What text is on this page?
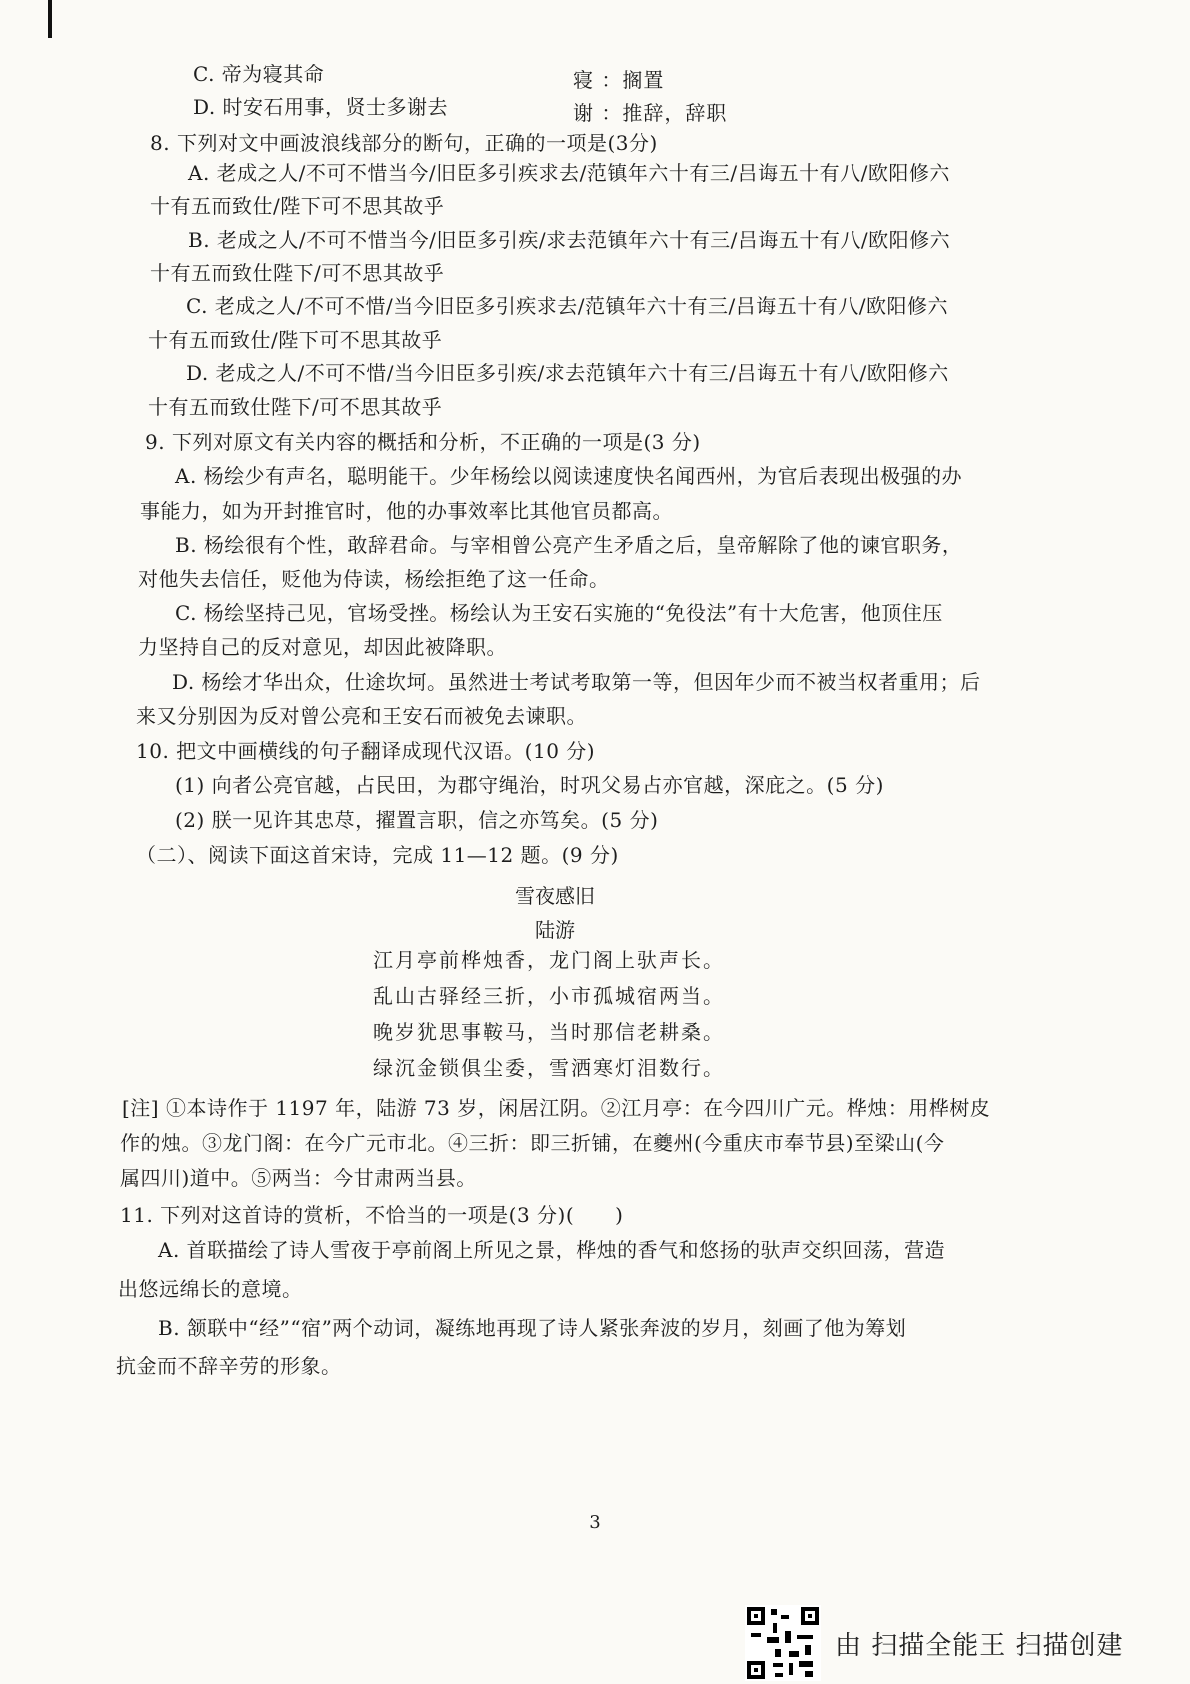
C. 帝为寝其命	寝 ：搁置
D. 时安石用事，贤士多谢去	谢 ：推辞，辞职
8. 下列对文中画波浪线部分的断句，正确的一项是(3分)
A. 老成之人/不可不惜当今/旧臣多引疾求去/范镇年六十有三/吕诲五十有八/欧阳修六
十有五而致仕/陛下可不思其故乎
B. 老成之人/不可不惜当今/旧臣多引疾/求去范镇年六十有三/吕诲五十有八/欧阳修六
十有五而致仕陛下/可不思其故乎
C. 老成之人/不可不惜/当今旧臣多引疾求去/范镇年六十有三/吕诲五十有八/欧阳修六
十有五而致仕/陛下可不思其故乎
D. 老成之人/不可不惜/当今旧臣多引疾/求去范镇年六十有三/吕诲五十有八/欧阳修六
十有五而致仕陛下/可不思其故乎
9. 下列对原文有关内容的概括和分析，不正确的一项是(3 分)
A. 杨绘少有声名，聪明能干。少年杨绘以阅读速度快名闻西州，为官后表现出极强的办
事能力，如为开封推官时，他的办事效率比其他官员都高。
B. 杨绘很有个性，敢辞君命。与宰相曾公亮产生矛盾之后，皇帝解除了他的谏官职务，
对他失去信任，贬他为侍读，杨绘拒绝了这一任命。
C. 杨绘坚持己见，官场受挫。杨绘认为王安石实施的“免役法”有十大危害，他顶住压
力坚持自己的反对意见，却因此被降职。
D. 杨绘才华出众，仕途坎坷。虽然进士考试考取第一等，但因年少而不被当权者重用；后
来又分别因为反对曾公亮和王安石而被免去谏职。
10. 把文中画横线的句子翻译成现代汉语。(10 分)
(1) 向者公亮官越，占民田，为郡守绳治，时巩父易占亦官越，深庇之。(5 分)
(2) 朕一见许其忠荩，擢置言职，信之亦笃矣。(5 分)
（二）、阅读下面这首宋诗，完成 11—12 题。(9 分)
雪夜感旧
陆游
江月亭前桦烛香，龙门阁上驮声长。
乱山古驿经三折，小市孤城宿两当。
晚岁犹思事鞍马，当时那信老耕桑。
绿沉金锁俱尘委，雪洒寒灯泪数行。
[注] ①本诗作于 1197 年，陆游 73 岁，闲居江阴。②江月亭：在今四川广元。桦烛：用桦树皮
作的烛。③龙门阁：在今广元市北。④三折：即三折铺，在夔州(今重庆市奉节县)至梁山(今
属四川)道中。⑤两当：今甘肃两当县。
11. 下列对这首诗的赏析，不恰当的一项是(3 分)(　　)
A. 首联描绘了诗人雪夜于亭前阁上所见之景，桦烛的香气和悠扬的驮声交织回荡，营造
出悠远绵长的意境。
B. 颔联中“经”“宿”两个动词，凝练地再现了诗人紧张奔波的岁月，刻画了他为筹划
抗金而不辞辛劳的形象。
3
由 扫描全能王 扫描创建
